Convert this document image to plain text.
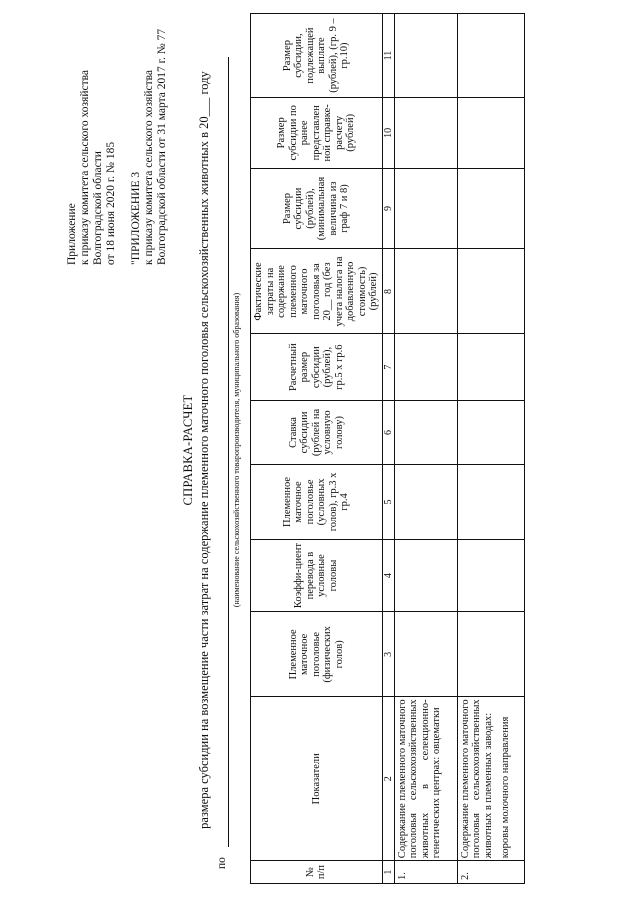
Приложение к приказу комитета сельского хозяйства Волгоградской области от 18 июня 2020 г. № 185 "ПРИЛОЖЕНИЕ 3 к приказу комитета сельского хозяйства Волгоградской области от 31 марта 2017 г. № 77
СПРАВКА-РАСЧЕТ размера субсидии на возмещение части затрат на содержание племенного маточного поголовья сельскохозяйственных животных в 20___ году
по
(наименование сельскохозяйственного товаропроизводителя, муниципального образования)
№ п/п	Показатели	Племенное маточное поголовье (физических голов)	Коэффи-циент перевода в условные головы	Племенное маточное поголовье (условных голов), гр.3 x гр.4	Ставка субсидии (рублей на условную голову)	Расчетный размер субсидии (рублей), гр.5 x гр.6	Фактические затраты на содержание племенного маточного поголовья за 20__ год (без учета налога на добавленную стоимость) (рублей)	Размер субсидии (рублей), (минимальная величина из граф 7 и 8)	Размер субсидии по ранее представлен ной справке-расчету (рублей)	Размер субсидии, подлежащей выплате (рублей), (гр. 9 – гр.10)
1	2	3	4	5	6	7	8	9	10	11
1.	Содержание племенного маточного поголовья сельскохозяйственных животных в селекционно-генетических центрах: овцематки									
2.	Содержание племенного маточного поголовья сельскохозяйственных животных в племенных заводах: коровы молочного направления									
